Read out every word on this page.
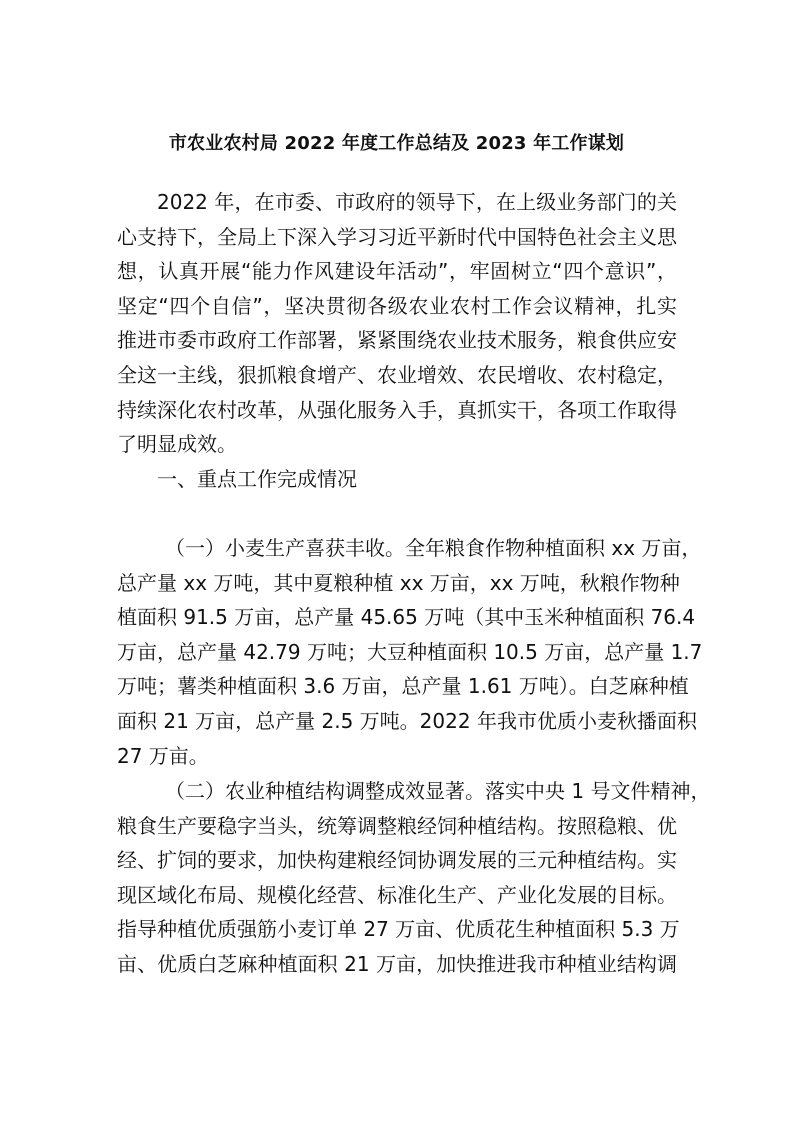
市农业农村局 2022 年度工作总结及 2023 年工作谋划
2022 年，在市委、市政府的领导下，在上级业务部门的关
心支持下，全局上下深入学习习近平新时代中国特色社会主义思
想，认真开展“能力作风建设年活动”，牢固树立“四个意识”，
坚定“四个自信”，坚决贯彻各级农业农村工作会议精神，扎实
推进市委市政府工作部署，紧紧围绕农业技术服务，粮食供应安
全这一主线，狠抓粮食增产、农业增效、农民增收、农村稳定，
持续深化农村改革，从强化服务入手，真抓实干，各项工作取得
了明显成效。
一、重点工作完成情况
（一）小麦生产喜获丰收。全年粮食作物种植面积 xx 万亩，
总产量 xx 万吨，其中夏粮种植 xx 万亩，xx 万吨，秋粮作物种
植面积 91.5 万亩，总产量 45.65 万吨（其中玉米种植面积 76.4
万亩，总产量 42.79 万吨；大豆种植面积 10.5 万亩，总产量 1.7
万吨；薯类种植面积 3.6 万亩，总产量 1.61 万吨）。白芝麻种植
面积 21 万亩，总产量 2.5 万吨。2022 年我市优质小麦秋播面积
27 万亩。
（二）农业种植结构调整成效显著。落实中央 1 号文件精神，
粮食生产要稳字当头，统筹调整粮经饲种植结构。按照稳粮、优
经、扩饲的要求，加快构建粮经饲协调发展的三元种植结构。实
现区域化布局、规模化经营、标准化生产、产业化发展的目标。
指导种植优质强筋小麦订单 27 万亩、优质花生种植面积 5.3 万
亩、优质白芝麻种植面积 21 万亩，加快推进我市种植业结构调
